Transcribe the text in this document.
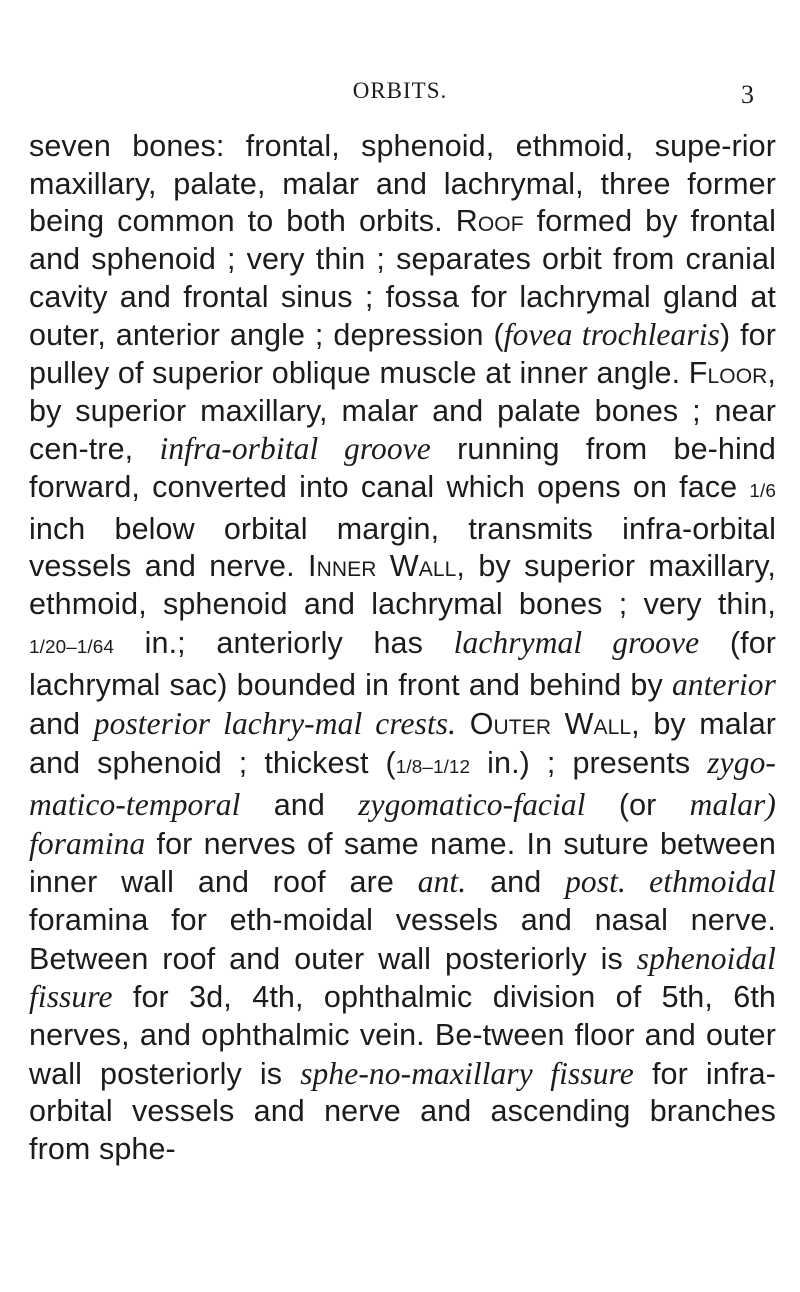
ORBITS.	3
seven bones: frontal, sphenoid, ethmoid, supe-rior maxillary, palate, malar and lachrymal, three former being common to both orbits. Roof formed by frontal and sphenoid ; very thin ; separates orbit from cranial cavity and frontal sinus ; fossa for lachrymal gland at outer, anterior angle ; depression (fovea trochlearis) for pulley of superior oblique muscle at inner angle. Floor, by superior maxillary, malar and palate bones ; near cen-tre, infra-orbital groove running from be-hind forward, converted into canal which opens on face 1/6 inch below orbital margin, transmits infra-orbital vessels and nerve. Inner Wall, by superior maxillary, ethmoid, sphenoid and lachrymal bones ; very thin, 1/20–1/64 in.; anteriorly has lachrymal groove (for lachrymal sac) bounded in front and behind by anterior and posterior lachry-mal crests. Outer Wall, by malar and sphenoid ; thickest (1/8–1/12 in.) ; presents zygo-matico-temporal and zygomatico-facial (or malar) foramina for nerves of same name. In suture between inner wall and roof are ant. and post. ethmoidal foramina for eth-moidal vessels and nasal nerve. Between roof and outer wall posteriorly is sphenoidal fissure for 3d, 4th, ophthalmic division of 5th, 6th nerves, and ophthalmic vein. Be-tween floor and outer wall posteriorly is sphe-no-maxillary fissure for infra-orbital vessels and nerve and ascending branches from sphe-
